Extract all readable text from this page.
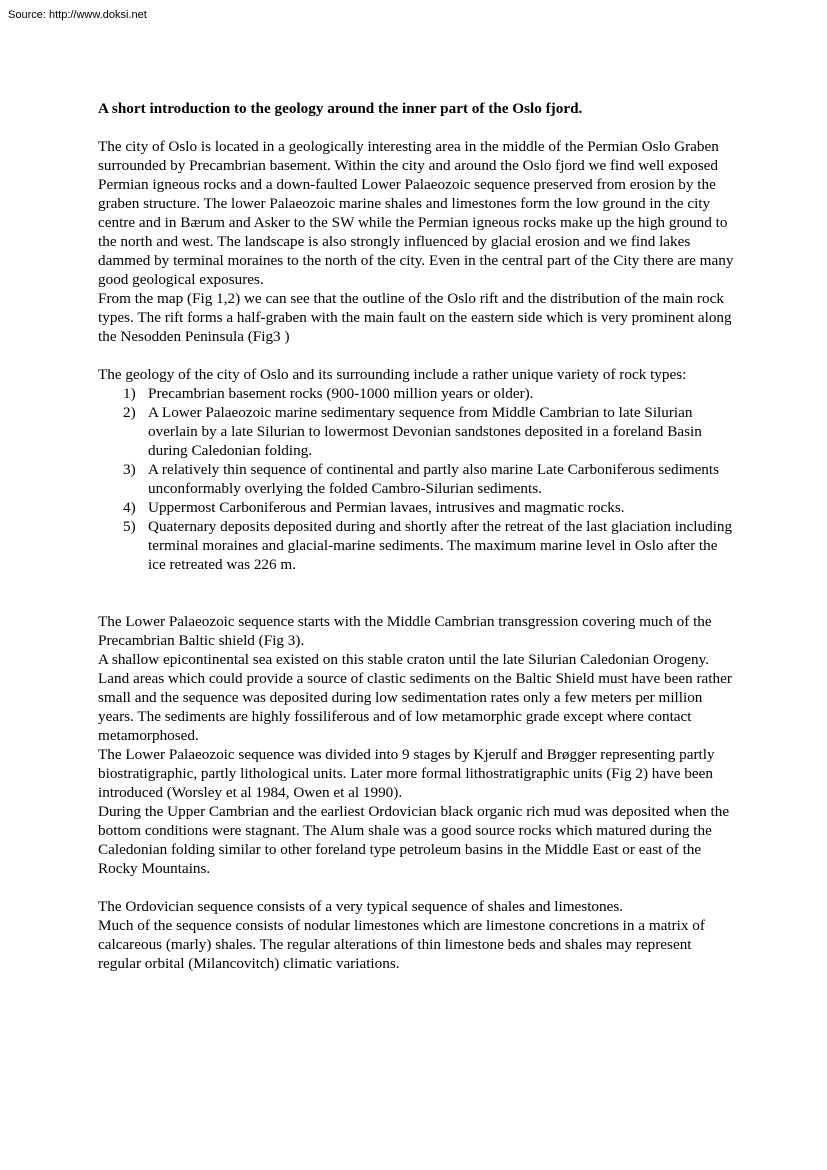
Source: http://www.doksi.net

A short introduction to the geology around the inner part of the Oslo fjord.

The city of Oslo is located in a geologically interesting area in the middle of the Permian Oslo Graben surrounded by Precambrian basement. Within the city and around the Oslo fjord we find well exposed Permian igneous rocks and a down-faulted Lower Palaeozoic sequence preserved from erosion by the graben structure. The lower Palaeozoic marine shales and limestones form the low ground in the city centre and in Bærum and Asker to the SW while the Permian igneous rocks make up the high ground to the north and west. The landscape is also strongly influenced by glacial erosion and we find lakes dammed by terminal moraines to the north of the city. Even in the central part of the City there are many good geological exposures.

From the map (Fig 1,2) we can see that the outline of the Oslo rift and the distribution of the main rock types. The rift forms a half-graben with the main fault on the eastern side which is very prominent along the Nesodden Peninsula (Fig3 )

The geology of the city of Oslo and its surrounding include a rather unique variety of rock types:

1) Precambrian basement rocks (900-1000 million years or older).
2) A Lower Palaeozoic marine sedimentary sequence from Middle Cambrian to late Silurian overlain by a late Silurian to lowermost Devonian sandstones deposited in a foreland Basin during Caledonian folding.
3) A relatively thin sequence of continental and partly also marine Late Carboniferous sediments unconformably overlying the folded Cambro-Silurian sediments.
4) Uppermost Carboniferous and Permian lavaes, intrusives and magmatic rocks.
5) Quaternary deposits deposited during and shortly after the retreat of the last glaciation including terminal moraines and glacial-marine sediments. The maximum marine level in Oslo after the ice retreated was 226 m.

The Lower Palaeozoic sequence starts with the Middle Cambrian transgression covering much of the Precambrian Baltic shield (Fig 3).

A shallow epicontinental sea existed on this stable craton until the late Silurian Caledonian Orogeny.

Land areas which could provide a source of clastic sediments on the Baltic Shield must have been rather small and the sequence was deposited during low sedimentation rates only a few meters per million years. The sediments are highly fossiliferous and of low metamorphic grade except where contact metamorphosed.

The Lower Palaeozoic sequence was divided into 9 stages by Kjerulf and Brøgger representing partly biostratigraphic, partly lithological units. Later more formal lithostratigraphic units (Fig 2) have been introduced (Worsley et al 1984, Owen et al 1990).

During the Upper Cambrian and the earliest Ordovician black organic rich mud was deposited when the bottom conditions were stagnant. The Alum shale was a good source rocks which matured during the Caledonian folding similar to other foreland type petroleum basins in the Middle East or east of the Rocky Mountains.

The Ordovician sequence consists of a very typical sequence of shales and limestones.

Much of the sequence consists of nodular limestones which are limestone concretions in a matrix of calcareous (marly) shales. The regular alterations of thin limestone beds and shales may represent regular orbital (Milancovitch) climatic variations.
